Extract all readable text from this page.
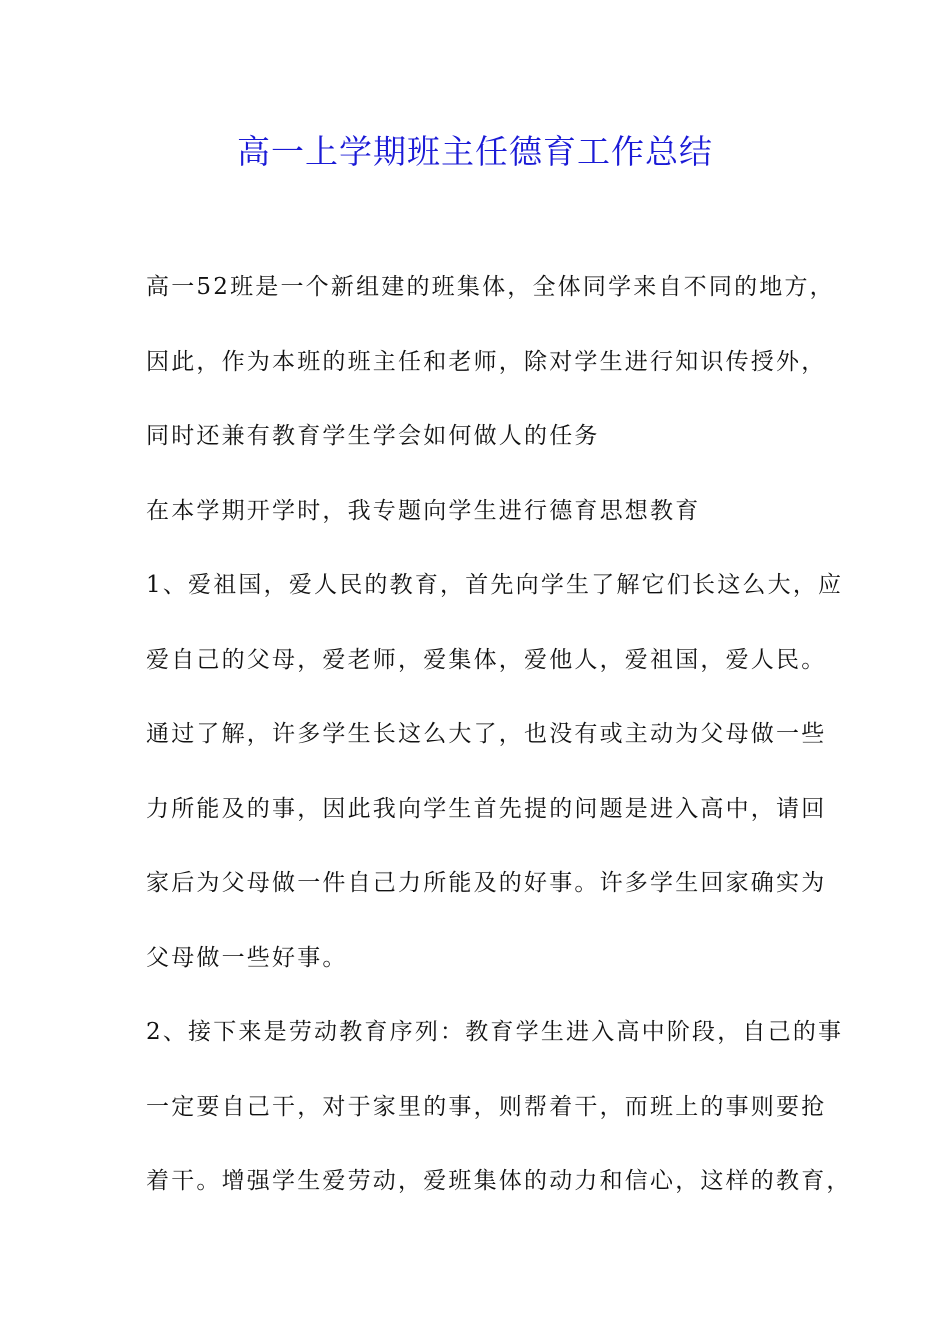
高一上学期班主任德育工作总结
高一52班是一个新组建的班集体，全体同学来自不同的地方，
因此，作为本班的班主任和老师，除对学生进行知识传授外，
同时还兼有教育学生学会如何做人的任务
在本学期开学时，我专题向学生进行德育思想教育
1、爱祖国，爱人民的教育，首先向学生了解它们长这么大，应
爱自己的父母，爱老师，爱集体，爱他人，爱祖国，爱人民。
通过了解，许多学生长这么大了，也没有或主动为父母做一些
力所能及的事，因此我向学生首先提的问题是进入高中，请回
家后为父母做一件自己力所能及的好事。许多学生回家确实为
父母做一些好事。
2、接下来是劳动教育序列：教育学生进入高中阶段，自己的事
一定要自己干，对于家里的事，则帮着干，而班上的事则要抢
着干。增强学生爱劳动，爱班集体的动力和信心，这样的教育，
